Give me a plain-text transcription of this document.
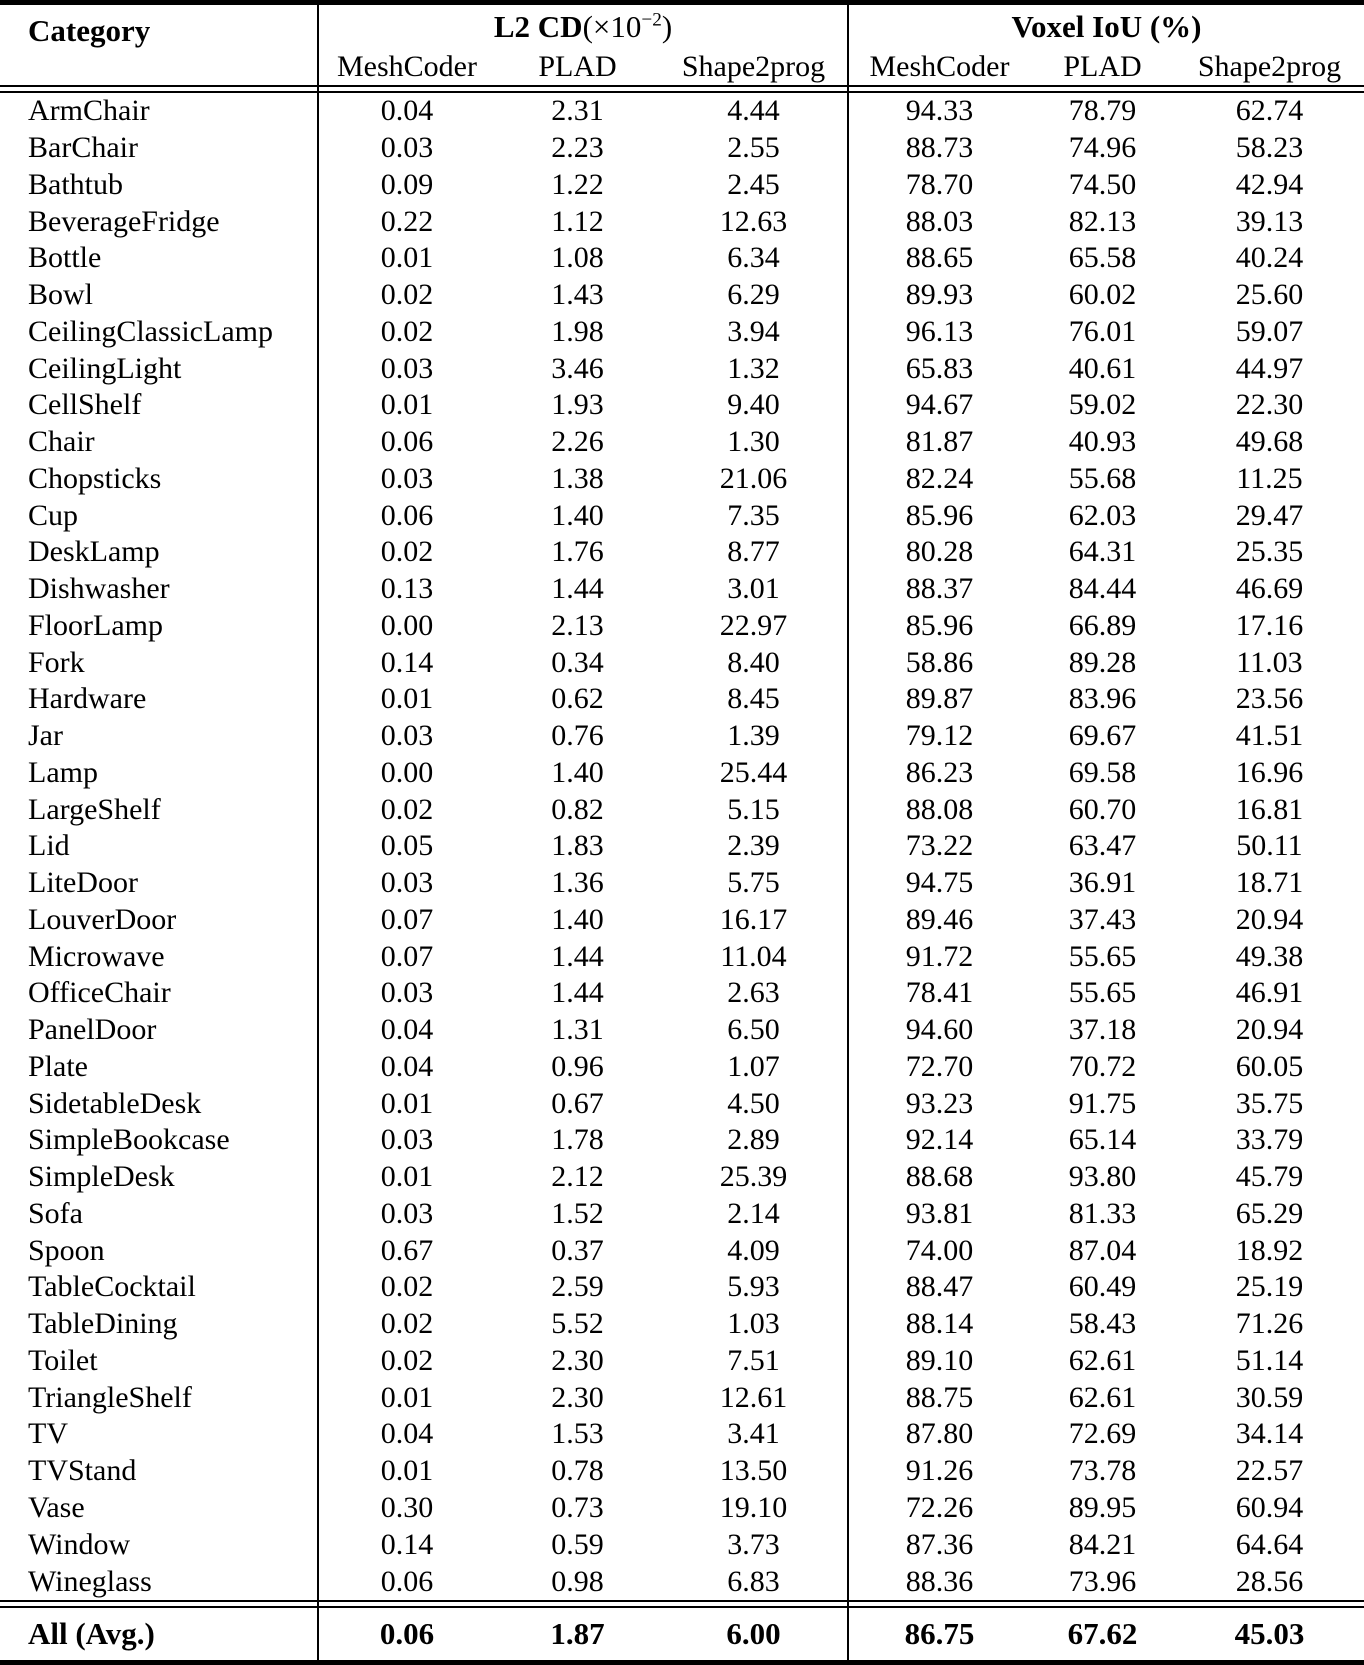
Category	L2 $CD(\times 10^{-2})$			Voxel IoU (%)		
	MeshCoder	PLAD	Shape2prog	MeshCoder	PLAD	Shape2prog

ArmChair	0.04	2.31	4.44	94.33	78.79	62.74
BarChair	0.03	2.23	2.55	88.73	74.96	58.23
Bathtub	0.09	1.22	2.45	78.70	74.50	42.94
BeverageFridge	0.22	1.12	12.63	88.03	82.13	39.13
Bottle	0.01	1.08	6.34	88.65	65.58	40.24
Bowl	0.02	1.43	6.29	89.93	60.02	25.60
CeilingClassicLamp	0.02	1.98	3.94	96.13	76.01	59.07
CeilingLight	0.03	3.46	1.32	65.83	40.61	44.97
CellShelf	0.01	1.93	9.40	94.67	59.02	22.30
Chair	0.06	2.26	1.30	81.87	40.93	49.68
Chopsticks	0.03	1.38	21.06	82.24	55.68	11.25
Cup	0.06	1.40	7.35	85.96	62.03	29.47
DeskLamp	0.02	1.76	8.77	80.28	64.31	25.35
Dishwasher	0.13	1.44	3.01	88.37	84.44	46.69
FloorLamp	0.00	2.13	22.97	85.96	66.89	17.16
Fork	0.14	0.34	8.40	58.86	89.28	11.03
Hardware	0.01	0.62	8.45	89.87	83.96	23.56
Jar	0.03	0.76	1.39	79.12	69.67	41.51
Lamp	0.00	1.40	25.44	86.23	69.58	16.96
LargeShelf	0.02	0.82	5.15	88.08	60.70	16.81
Lid	0.05	1.83	2.39	73.22	63.47	50.11
LiteDoor	0.03	1.36	5.75	94.75	36.91	18.71
LouverDoor	0.07	1.40	16.17	89.46	37.43	20.94
Microwave	0.07	1.44	11.04	91.72	55.65	49.38
OfficeChair	0.03	1.44	2.63	78.41	55.65	46.91
PanelDoor	0.04	1.31	6.50	94.60	37.18	20.94
Plate	0.04	0.96	1.07	72.70	70.72	60.05
SidetableDesk	0.01	0.67	4.50	93.23	91.75	35.75
SimpleBookcase	0.03	1.78	2.89	92.14	65.14	33.79
SimpleDesk	0.01	2.12	25.39	88.68	93.80	45.79
Sofa	0.03	1.52	2.14	93.81	81.33	65.29
Spoon	0.67	0.37	4.09	74.00	87.04	18.92
TableCocktail	0.02	2.59	5.93	88.47	60.49	25.19
TableDining	0.02	5.52	1.03	88.14	58.43	71.26
Toilet	0.02	2.30	7.51	89.10	62.61	51.14
TriangleShelf	0.01	2.30	12.61	88.75	62.61	30.59
TV	0.04	1.53	3.41	87.80	72.69	34.14
TVStand	0.01	0.78	13.50	91.26	73.78	22.57
Vase	0.30	0.73	19.10	72.26	89.95	60.94
Window	0.14	0.59	3.73	87.36	84.21	64.64
Wineglass	0.06	0.98	6.83	88.36	73.96	28.56

All (Avg.)	0.06	1.87	6.00	86.75	67.62	45.03
